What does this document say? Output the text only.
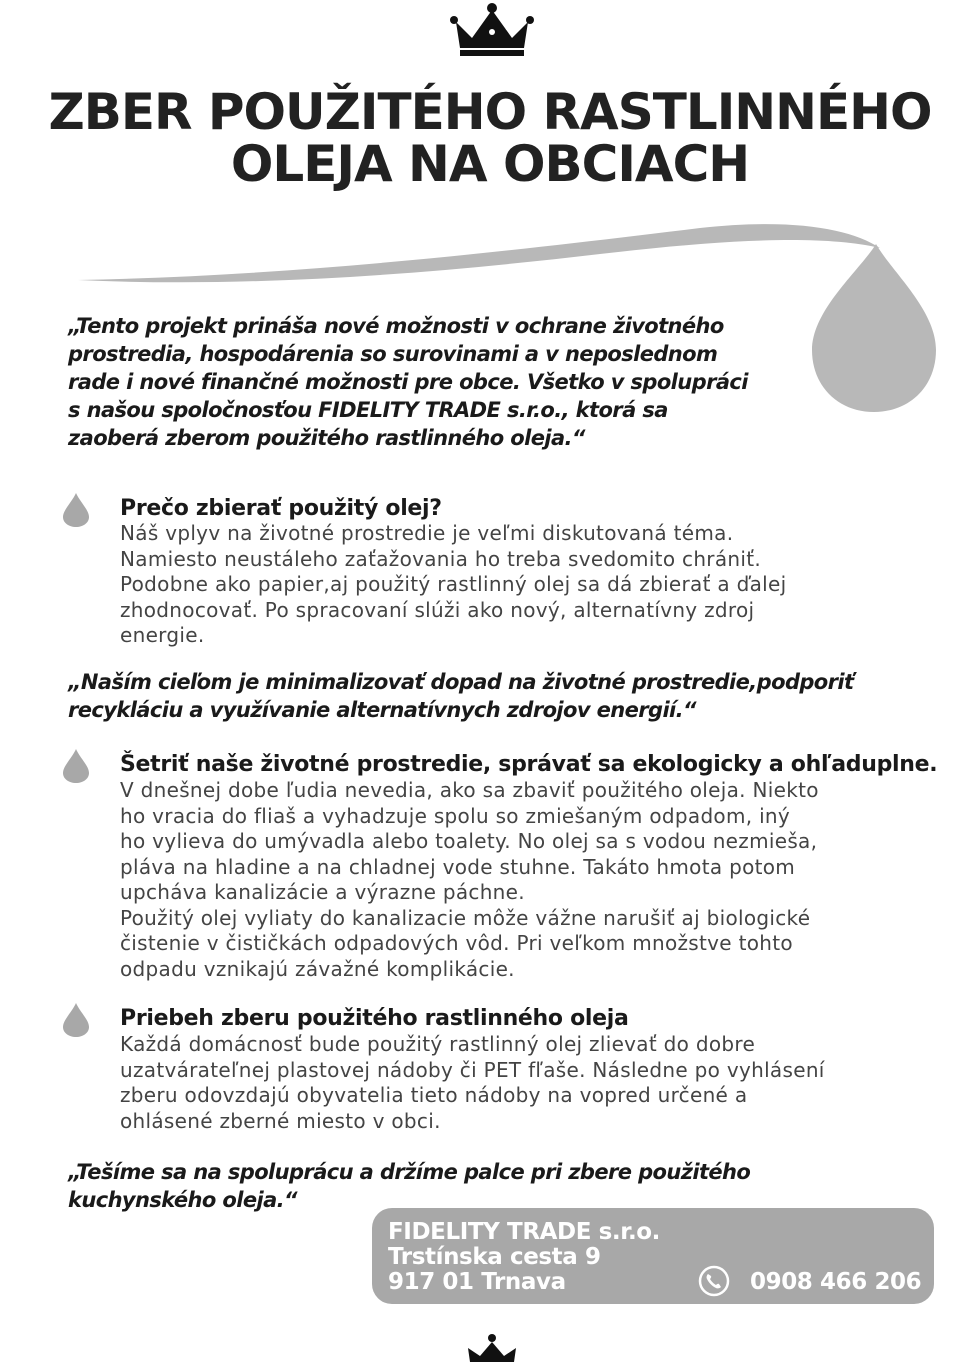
ZBER POUŽITÉHO RASTLINNÉHO
OLEJA NA OBCIACH
„Tento projekt prináša nové možnosti v ochrane životného
prostredia, hospodárenia so surovinami a v neposlednom
rade i nové finančné možnosti pre obce. Všetko v spolupráci
s našou spoločnosťou FIDELITY TRADE s.r.o., ktorá sa
zaoberá zberom použitého rastlinného oleja.“
Prečo zbierať použitý olej?
Náš vplyv na životné prostredie je veľmi diskutovaná téma.
Namiesto neustáleho zaťažovania ho treba svedomito chrániť.
Podobne ako papier,aj použitý rastlinný olej sa dá zbierať a ďalej
zhodnocovať. Po spracovaní slúži ako nový, alternatívny zdroj
energie.
„Naším cieľom je minimalizovať dopad na životné prostredie,podporiť
recykláciu a využívanie alternatívnych zdrojov energií.“
Šetriť naše životné prostredie, správať sa ekologicky a ohľaduplne.
V dnešnej dobe ľudia nevedia, ako sa zbaviť použitého oleja. Niekto
ho vracia do fliaš a vyhadzuje spolu so zmiešaným odpadom, iný
ho vylieva do umývadla alebo toalety. No olej sa s vodou nezmieša,
pláva na hladine a na chladnej vode stuhne. Takáto hmota potom
upcháva kanalizácie a výrazne páchne.
Použitý olej vyliaty do kanalizacie môže vážne narušiť aj biologické
čistenie v čističkách odpadových vôd. Pri veľkom množstve tohto
odpadu vznikajú závažné komplikácie.
Priebeh zberu použitého rastlinného oleja
Každá domácnosť bude použitý rastlinný olej zlievať do dobre
uzatvárateľnej plastovej nádoby či PET fľaše. Následne po vyhlásení
zberu odovzdajú obyvatelia tieto nádoby na vopred určené a
ohlásené zberné miesto v obci.
„Tešíme sa na spoluprácu a držíme palce pri zbere použitého
kuchynského oleja.“
FIDELITY TRADE s.r.o.
Trstínska cesta 9
917 01 Trnava	0908 466 206
